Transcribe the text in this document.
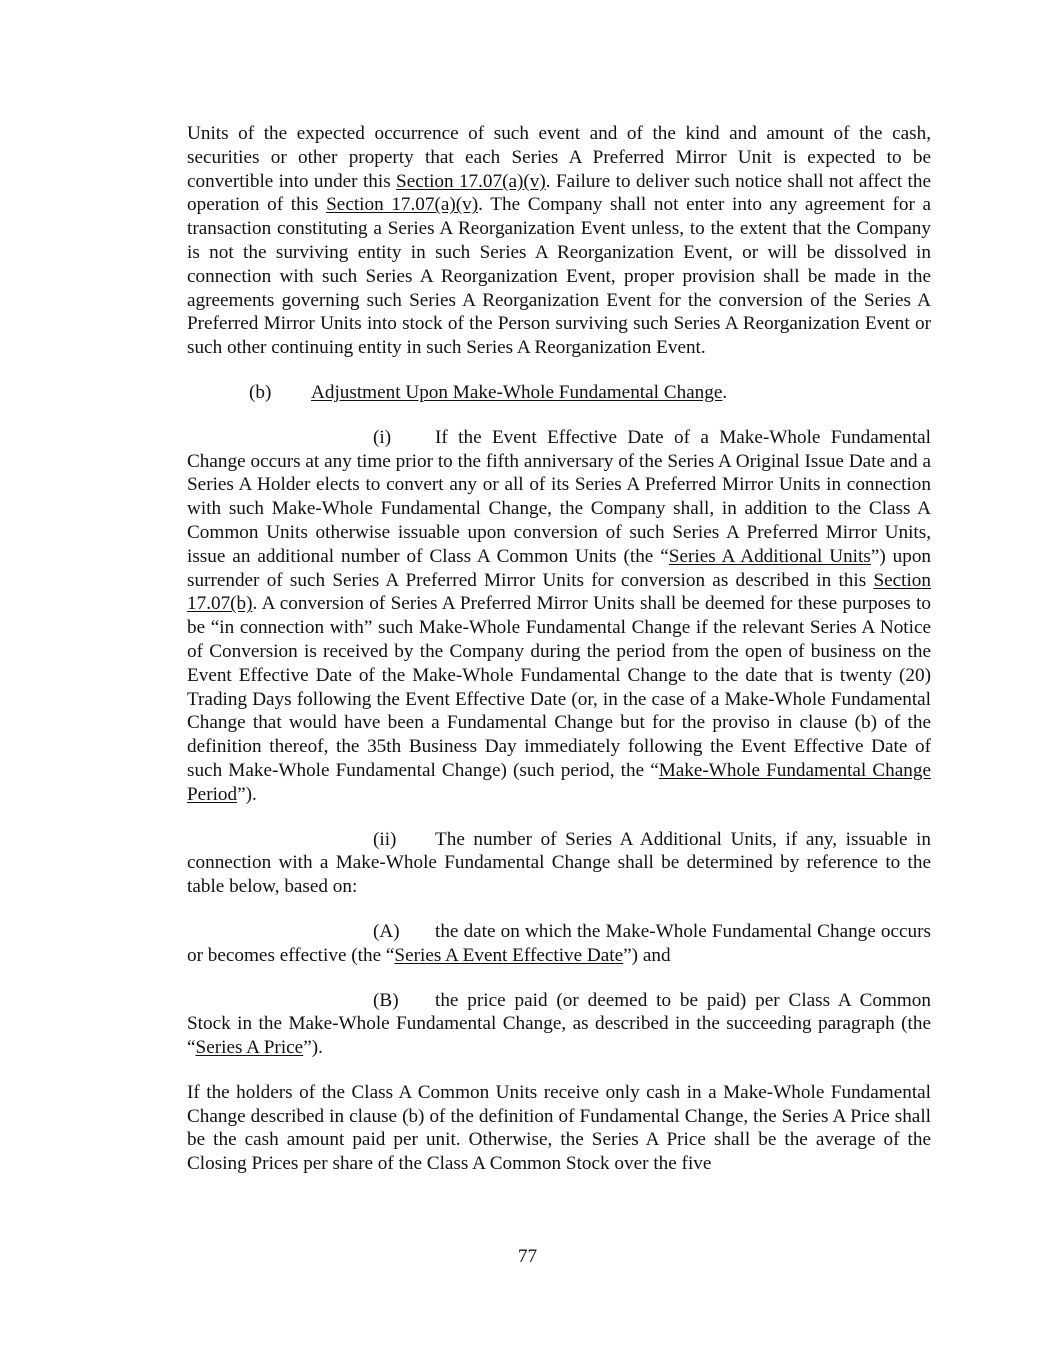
Units of the expected occurrence of such event and of the kind and amount of the cash, securities or other property that each Series A Preferred Mirror Unit is expected to be convertible into under this Section 17.07(a)(v). Failure to deliver such notice shall not affect the operation of this Section 17.07(a)(v). The Company shall not enter into any agreement for a transaction constituting a Series A Reorganization Event unless, to the extent that the Company is not the surviving entity in such Series A Reorganization Event, or will be dissolved in connection with such Series A Reorganization Event, proper provision shall be made in the agreements governing such Series A Reorganization Event for the conversion of the Series A Preferred Mirror Units into stock of the Person surviving such Series A Reorganization Event or such other continuing entity in such Series A Reorganization Event.

(b) Adjustment Upon Make-Whole Fundamental Change.

(i) If the Event Effective Date of a Make-Whole Fundamental Change occurs at any time prior to the fifth anniversary of the Series A Original Issue Date and a Series A Holder elects to convert any or all of its Series A Preferred Mirror Units in connection with such Make-Whole Fundamental Change, the Company shall, in addition to the Class A Common Units otherwise issuable upon conversion of such Series A Preferred Mirror Units, issue an additional number of Class A Common Units (the “Series A Additional Units”) upon surrender of such Series A Preferred Mirror Units for conversion as described in this Section 17.07(b). A conversion of Series A Preferred Mirror Units shall be deemed for these purposes to be “in connection with” such Make-Whole Fundamental Change if the relevant Series A Notice of Conversion is received by the Company during the period from the open of business on the Event Effective Date of the Make-Whole Fundamental Change to the date that is twenty (20) Trading Days following the Event Effective Date (or, in the case of a Make-Whole Fundamental Change that would have been a Fundamental Change but for the proviso in clause (b) of the definition thereof, the 35th Business Day immediately following the Event Effective Date of such Make-Whole Fundamental Change) (such period, the “Make-Whole Fundamental Change Period”).

(ii) The number of Series A Additional Units, if any, issuable in connection with a Make-Whole Fundamental Change shall be determined by reference to the table below, based on:

(A) the date on which the Make-Whole Fundamental Change occurs or becomes effective (the “Series A Event Effective Date”) and

(B) the price paid (or deemed to be paid) per Class A Common Stock in the Make-Whole Fundamental Change, as described in the succeeding paragraph (the “Series A Price”).

If the holders of the Class A Common Units receive only cash in a Make-Whole Fundamental Change described in clause (b) of the definition of Fundamental Change, the Series A Price shall be the cash amount paid per unit. Otherwise, the Series A Price shall be the average of the Closing Prices per share of the Class A Common Stock over the five

77
